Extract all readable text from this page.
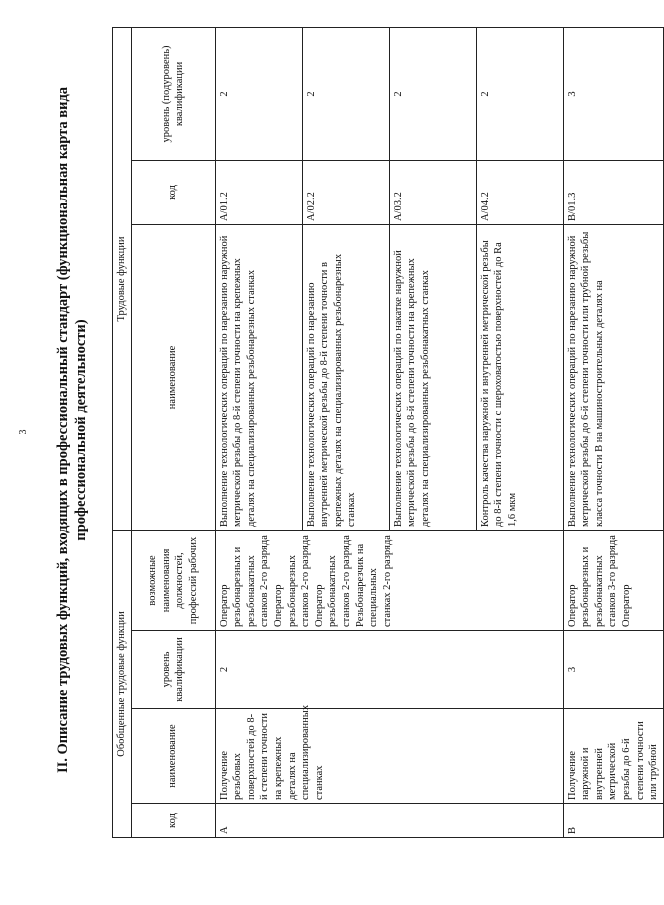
3 II. Описание трудовых функций, входящих в профессиональный стандарт (функциональная карта вида профессиональной деятельности)
Обобщенные трудовые функции				Трудовые функции		
код	наименование	уровень квалификации	возможные наименования должностей, профессий рабочих	наименование	код	уровень (подуровень) квалификации
А	Получение резьбовых поверхностей до 8-й степени точности на крепежных деталях на специализированных станках	2	Оператор резьбонарезных и резьбонакатных станков 2-го разряда Оператор резьбонарезных станков 2-го разряда Оператор резьбонакатных станков 2-го разряда Резьбонарезчик на специальных станках 2-го разряда	Выполнение технологических операций по нарезанию наружной метрической резьбы до 8-й степени точности на крепежных деталях на специализированных резьбонарезных станках	A/01.2	2
				Выполнение технологических операций по нарезанию внутренней метрической резьбы до 8-й степени точности в крепежных деталях на специализированных резьбонарезных станках	A/02.2	2
				Выполнение технологических операций по накатке наружной метрической резьбы до 8-й степени точности на крепежных деталях на специализированных резьбонакатных станках	A/03.2	2
				Контроль качества наружной и внутренней метрической резьбы до 8-й степени точности с шероховатостью поверхностей до Ra 1,6 мкм	A/04.2	2
В	Получение наружной и внутренней метрической резьбы до 6-й степени точности или трубной	3	Оператор резьбонарезных и резьбонакатных станков 3-го разряда Оператор	Выполнение технологических операций по нарезанию наружной метрической резьбы до 6-й степени точности или трубной резьбы класса точности В на машиностроительных деталях на	B/01.3	3
